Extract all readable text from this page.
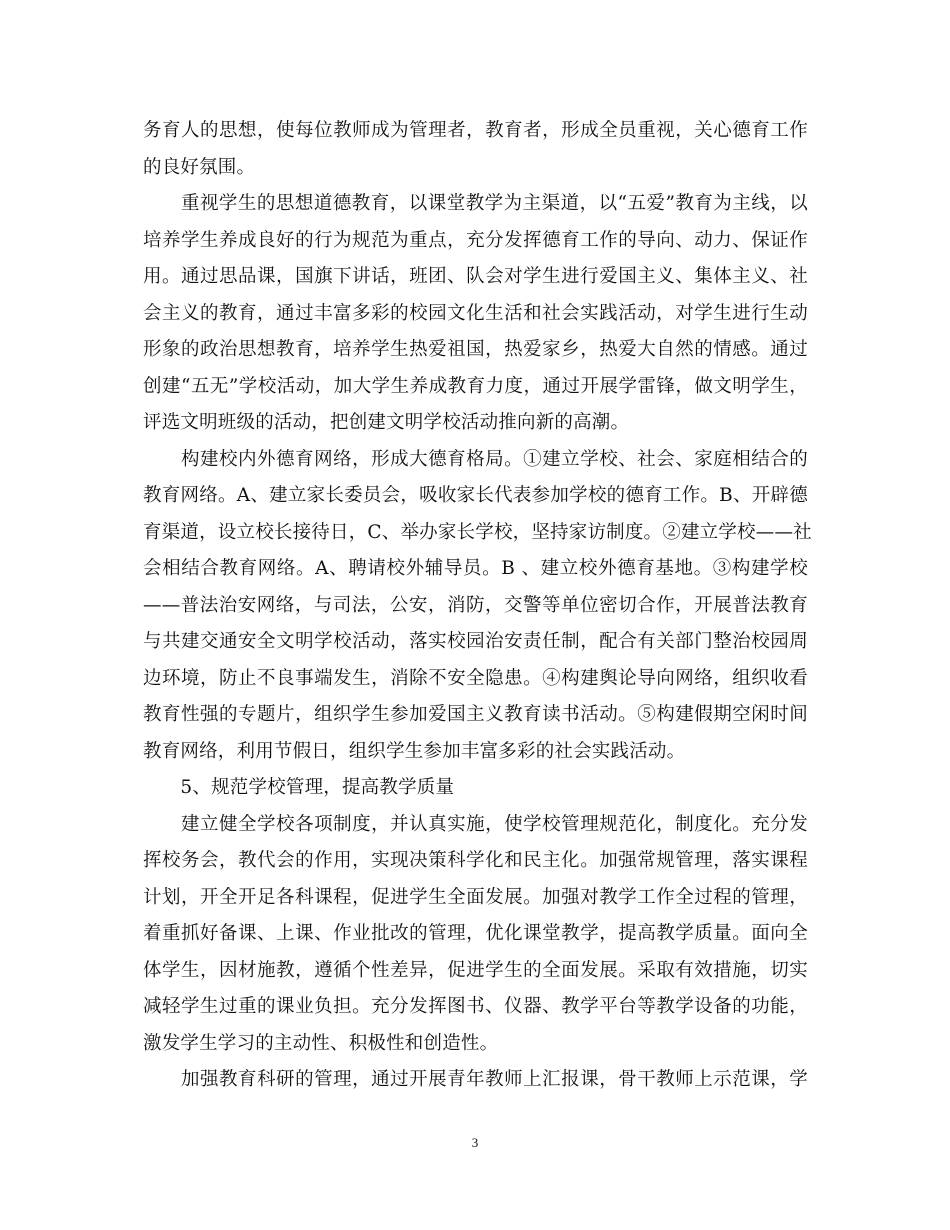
务育人的思想，使每位教师成为管理者，教育者，形成全员重视，关心德育工作
的良好氛围。
　　重视学生的思想道德教育，以课堂教学为主渠道，以“五爱”教育为主线，以
培养学生养成良好的行为规范为重点，充分发挥德育工作的导向、动力、保证作
用。通过思品课，国旗下讲话，班团、队会对学生进行爱国主义、集体主义、社
会主义的教育，通过丰富多彩的校园文化生活和社会实践活动，对学生进行生动
形象的政治思想教育，培养学生热爱祖国，热爱家乡，热爱大自然的情感。通过
创建“五无”学校活动，加大学生养成教育力度，通过开展学雷锋，做文明学生，
评选文明班级的活动，把创建文明学校活动推向新的高潮。
　　构建校内外德育网络，形成大德育格局。①建立学校、社会、家庭相结合的
教育网络。A、建立家长委员会，吸收家长代表参加学校的德育工作。B、开辟德
育渠道，设立校长接待日，C、举办家长学校，坚持家访制度。②建立学校——社
会相结合教育网络。A、聘请校外辅导员。B 、建立校外德育基地。③构建学校
——普法治安网络，与司法，公安，消防，交警等单位密切合作，开展普法教育
与共建交通安全文明学校活动，落实校园治安责任制，配合有关部门整治校园周
边环境，防止不良事端发生，消除不安全隐患。④构建舆论导向网络，组织收看
教育性强的专题片，组织学生参加爱国主义教育读书活动。⑤构建假期空闲时间
教育网络，利用节假日，组织学生参加丰富多彩的社会实践活动。
　　5、规范学校管理，提高教学质量
　　建立健全学校各项制度，并认真实施，使学校管理规范化，制度化。充分发
挥校务会，教代会的作用，实现决策科学化和民主化。加强常规管理，落实课程
计划，开全开足各科课程，促进学生全面发展。加强对教学工作全过程的管理，
着重抓好备课、上课、作业批改的管理，优化课堂教学，提高教学质量。面向全
体学生，因材施教，遵循个性差异，促进学生的全面发展。采取有效措施，切实
减轻学生过重的课业负担。充分发挥图书、仪器、教学平台等教学设备的功能，
激发学生学习的主动性、积极性和创造性。
　　加强教育科研的管理，通过开展青年教师上汇报课，骨干教师上示范课，学
3
